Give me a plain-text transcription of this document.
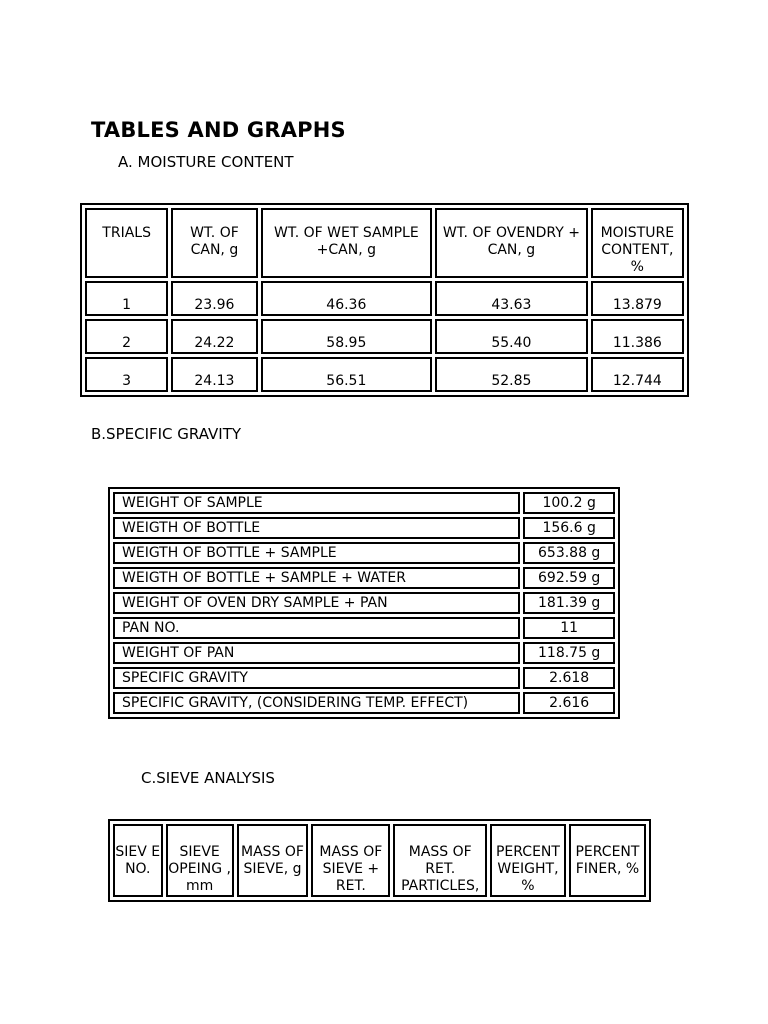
TABLES AND GRAPHS
A. MOISTURE CONTENT
TRIALS	WT. OF CAN, g	WT. OF WET SAMPLE +CAN, g	WT. OF OVENDRY + CAN, g	MOISTURE CONTENT, %
1	23.96	46.36	43.63	13.879
2	24.22	58.95	55.40	11.386
3	24.13	56.51	52.85	12.744
B.SPECIFIC GRAVITY
WEIGHT OF SAMPLE	100.2 g
WEIGTH OF BOTTLE	156.6 g
WEIGTH OF BOTTLE + SAMPLE	653.88 g
WEIGTH OF BOTTLE + SAMPLE + WATER	692.59 g
WEIGHT OF OVEN DRY SAMPLE + PAN	181.39 g
PAN NO.	11
WEIGHT OF PAN	118.75 g
SPECIFIC GRAVITY	2.618
SPECIFIC GRAVITY, (CONSIDERING TEMP. EFFECT)	2.616
C.SIEVE ANALYSIS
SIEV E NO.	SIEVE OPEING , mm	MASS OF SIEVE, g	MASS OF SIEVE + RET.	MASS OF RET. PARTICLES,	PERCENT WEIGHT, %	PERCENT FINER, %
